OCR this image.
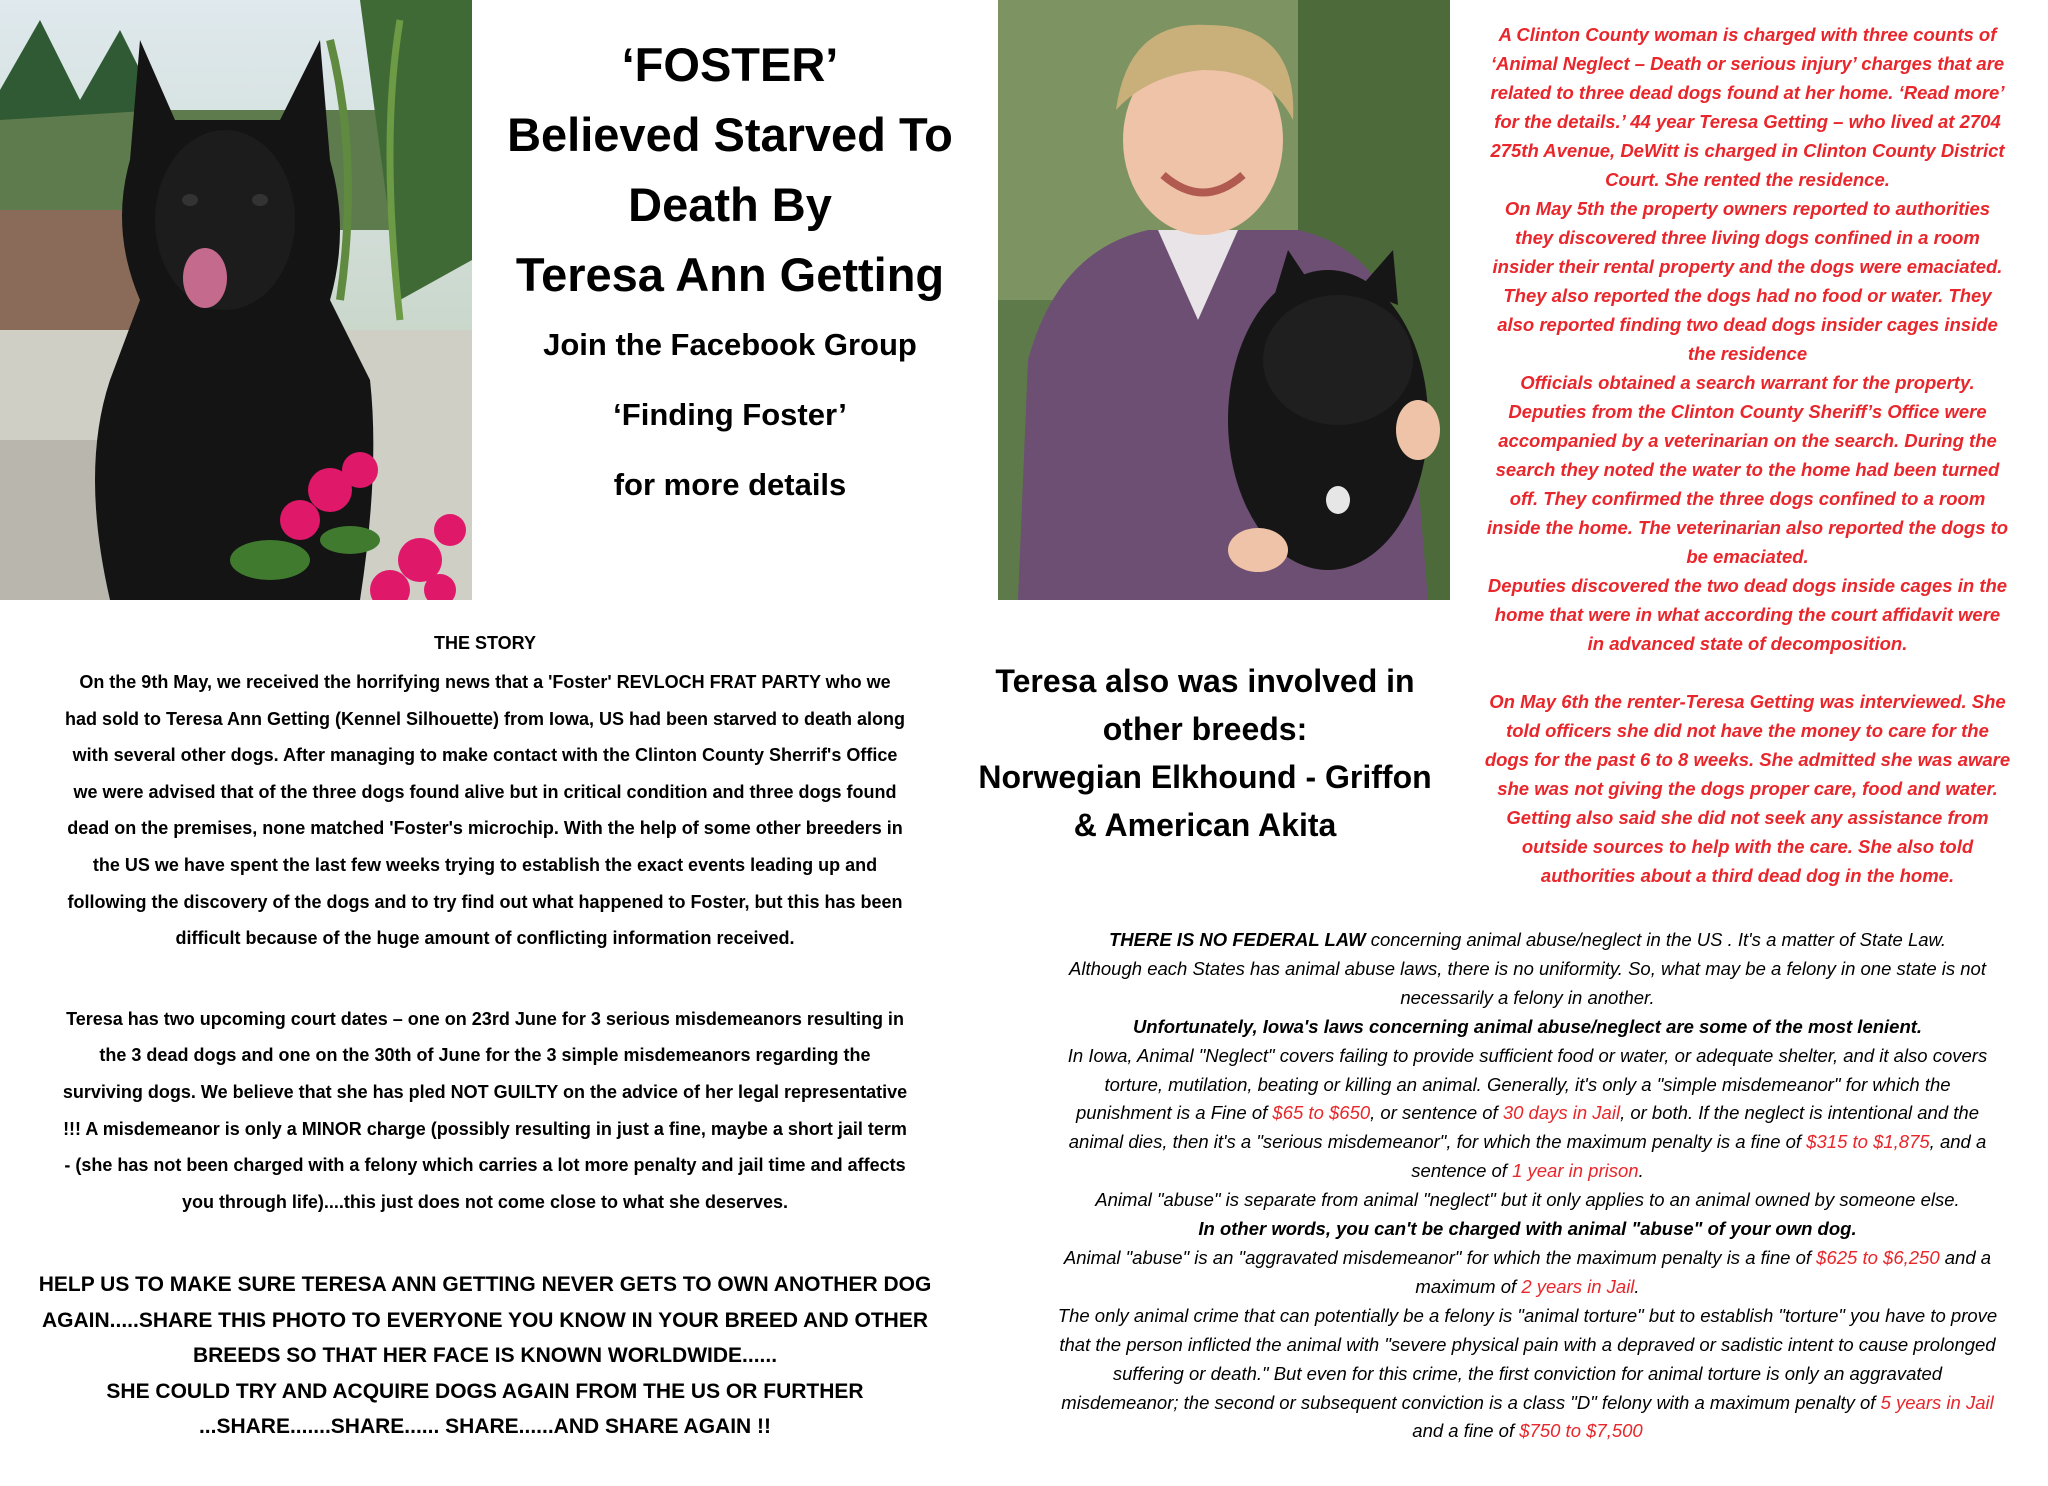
‘FOSTER’
Believed Starved To
Death By
Teresa Ann Getting
Join the Facebook Group
‘Finding Foster’
for more details
A Clinton County woman is charged with three counts of
‘Animal Neglect – Death or serious injury’ charges that are
related to three dead dogs found at her home. ‘Read more’
for the details.’ 44 year Teresa Getting – who lived at 2704
275th Avenue, DeWitt is charged in Clinton County District
Court. She rented the residence.
On May 5th the property owners reported to authorities
they discovered three living dogs confined in a room
insider their rental property and the dogs were emaciated.
They also reported the dogs had no food or water. They
also reported finding two dead dogs insider cages inside
the residence
Officials obtained a search warrant for the property.
Deputies from the Clinton County Sheriff’s Office were
accompanied by a veterinarian on the search. During the
search they noted the water to the home had been turned
off. They confirmed the three dogs confined to a room
inside the home. The veterinarian also reported the dogs to
be emaciated.
Deputies discovered the two dead dogs inside cages in the
home that were in what according the court affidavit were
in advanced state of decomposition.
On May 6th the renter-Teresa Getting was interviewed. She
told officers she did not have the money to care for the
dogs for the past 6 to 8 weeks. She admitted she was aware
she was not giving the dogs proper care, food and water.
Getting also said she did not seek any assistance from
outside sources to help with the care. She also told
authorities about a third dead dog in the home.
THE STORY
On the 9th May, we received the horrifying news that a 'Foster' REVLOCH FRAT PARTY who we
had sold to Teresa Ann Getting (Kennel Silhouette) from Iowa, US had been starved to death along
with several other dogs. After managing to make contact with the Clinton County Sherrif's Office
we were advised that of the three dogs found alive but in critical condition and three dogs found
dead on the premises, none matched 'Foster's microchip. With the help of some other breeders in
the US we have spent the last few weeks trying to establish the exact events leading up and
following the discovery of the dogs and to try find out what happened to Foster, but this has been
difficult because of the huge amount of conflicting information received.
Teresa has two upcoming court dates – one on 23rd June for 3 serious misdemeanors resulting in
the 3 dead dogs and one on the 30th of June for the 3 simple misdemeanors regarding the
surviving dogs. We believe that she has pled NOT GUILTY on the advice of her legal representative
!!! A misdemeanor is only a MINOR charge (possibly resulting in just a fine, maybe a short jail term
- (she has not been charged with a felony which carries a lot more penalty and jail time and affects
you through life)....this just does not come close to what she deserves.
HELP US TO MAKE SURE TERESA ANN GETTING NEVER GETS TO OWN ANOTHER DOG
AGAIN.....SHARE THIS PHOTO TO EVERYONE YOU KNOW IN YOUR BREED AND OTHER
BREEDS SO THAT HER FACE IS KNOWN WORLDWIDE......
SHE COULD TRY AND ACQUIRE DOGS AGAIN FROM THE US OR FURTHER
...SHARE.......SHARE...... SHARE......AND SHARE AGAIN !!
Teresa also was involved in
other breeds:
Norwegian Elkhound - Griffon
& American Akita
THERE IS NO FEDERAL LAW concerning animal abuse/neglect in the US . It's a matter of State Law.
Although each States has animal abuse laws, there is no uniformity. So, what may be a felony in one state is not
necessarily a felony in another.
Unfortunately, Iowa's laws concerning animal abuse/neglect are some of the most lenient.
In Iowa, Animal "Neglect" covers failing to provide sufficient food or water, or adequate shelter, and it also covers
torture, mutilation, beating or killing an animal. Generally, it's only a "simple misdemeanor" for which the
punishment is a Fine of $65 to $650, or sentence of 30 days in Jail, or both. If the neglect is intentional and the
animal dies, then it's a "serious misdemeanor", for which the maximum penalty is a fine of $315 to $1,875, and a
sentence of 1 year in prison.
Animal "abuse" is separate from animal "neglect" but it only applies to an animal owned by someone else.
In other words, you can't be charged with animal "abuse" of your own dog.
Animal "abuse" is an "aggravated misdemeanor" for which the maximum penalty is a fine of $625 to $6,250 and a
maximum of 2 years in Jail.
The only animal crime that can potentially be a felony is "animal torture" but to establish "torture" you have to prove
that the person inflicted the animal with "severe physical pain with a depraved or sadistic intent to cause prolonged
suffering or death." But even for this crime, the first conviction for animal torture is only an aggravated
misdemeanor; the second or subsequent conviction is a class "D" felony with a maximum penalty of 5 years in Jail
and a fine of $750 to $7,500
